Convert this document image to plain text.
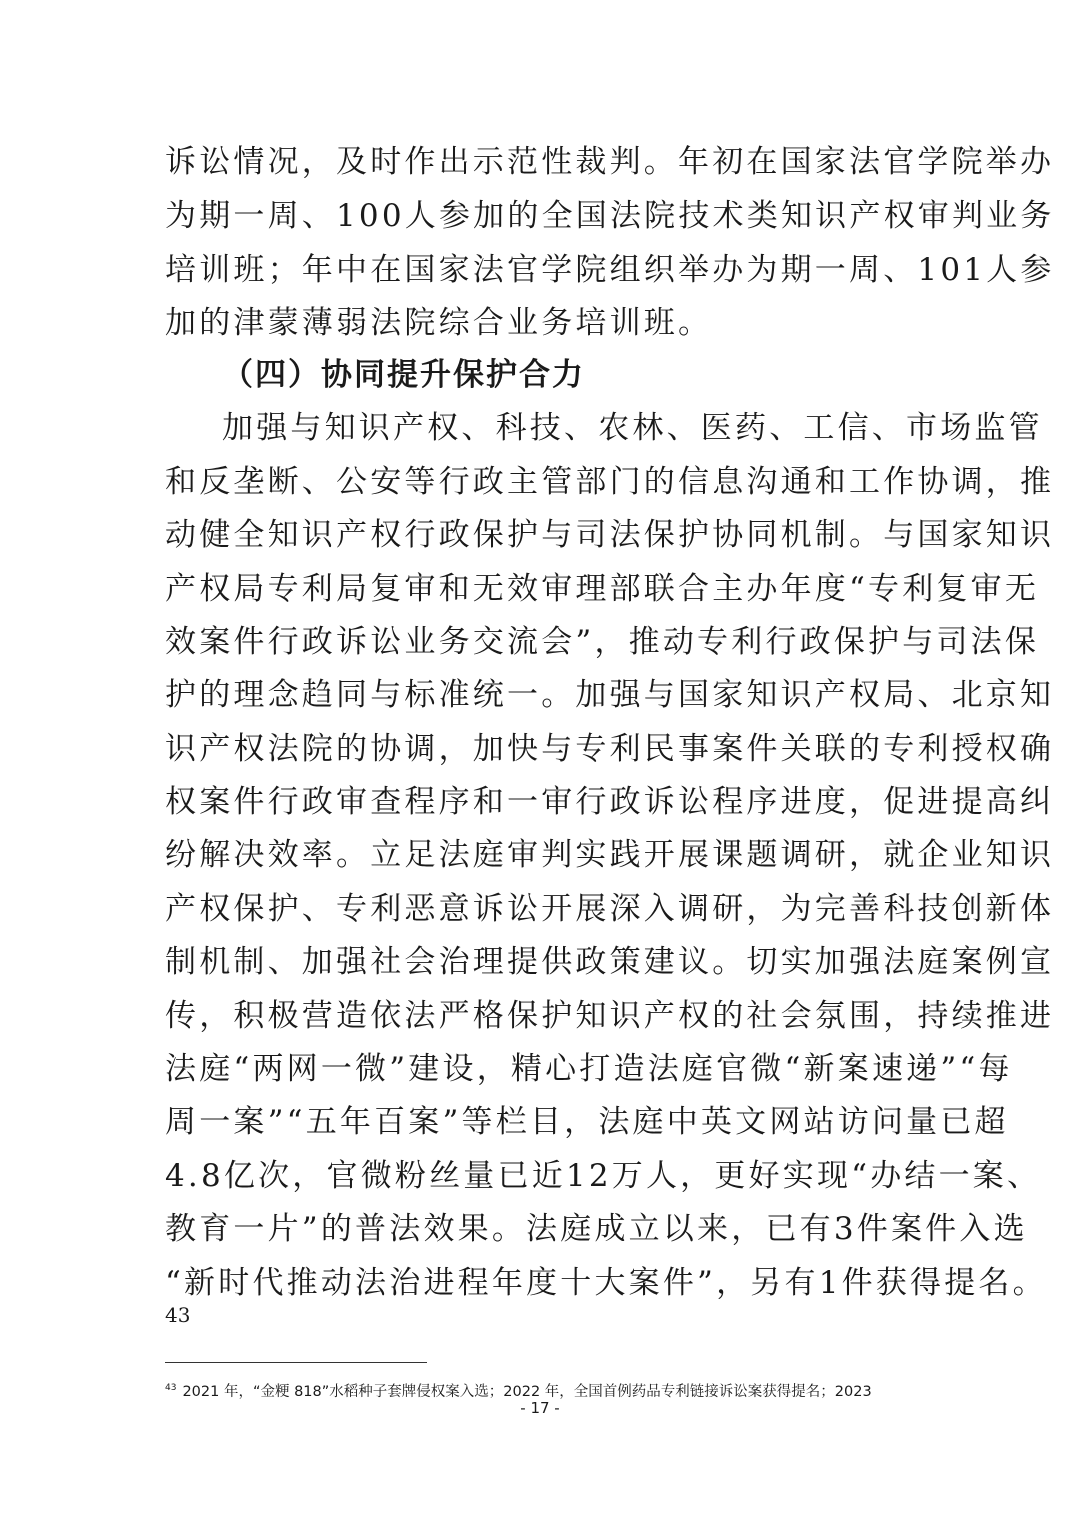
诉讼情况，及时作出示范性裁判。年初在国家法官学院举办
为期一周、100人参加的全国法院技术类知识产权审判业务
培训班；年中在国家法官学院组织举办为期一周、101人参
加的津蒙薄弱法院综合业务培训班。
（四）协同提升保护合力
加强与知识产权、科技、农林、医药、工信、市场监管
和反垄断、公安等行政主管部门的信息沟通和工作协调，推
动健全知识产权行政保护与司法保护协同机制。与国家知识
产权局专利局复审和无效审理部联合主办年度“专利复审无
效案件行政诉讼业务交流会”，推动专利行政保护与司法保
护的理念趋同与标准统一。加强与国家知识产权局、北京知
识产权法院的协调，加快与专利民事案件关联的专利授权确
权案件行政审查程序和一审行政诉讼程序进度，促进提高纠
纷解决效率。立足法庭审判实践开展课题调研，就企业知识
产权保护、专利恶意诉讼开展深入调研，为完善科技创新体
制机制、加强社会治理提供政策建议。切实加强法庭案例宣
传，积极营造依法严格保护知识产权的社会氛围，持续推进
法庭“两网一微”建设，精心打造法庭官微“新案速递”“每
周一案”“五年百案”等栏目，法庭中英文网站访问量已超
4.8亿次，官微粉丝量已近12万人，更好实现“办结一案、
教育一片”的普法效果。法庭成立以来，已有3件案件入选
“新时代推动法治进程年度十大案件”，另有1件获得提名。
43
$^{43}$ 2021 年，“金粳 818”水稻种子套牌侵权案入选；2022 年，全国首例药品专利链接诉讼案获得提名；2023
- 17 -
